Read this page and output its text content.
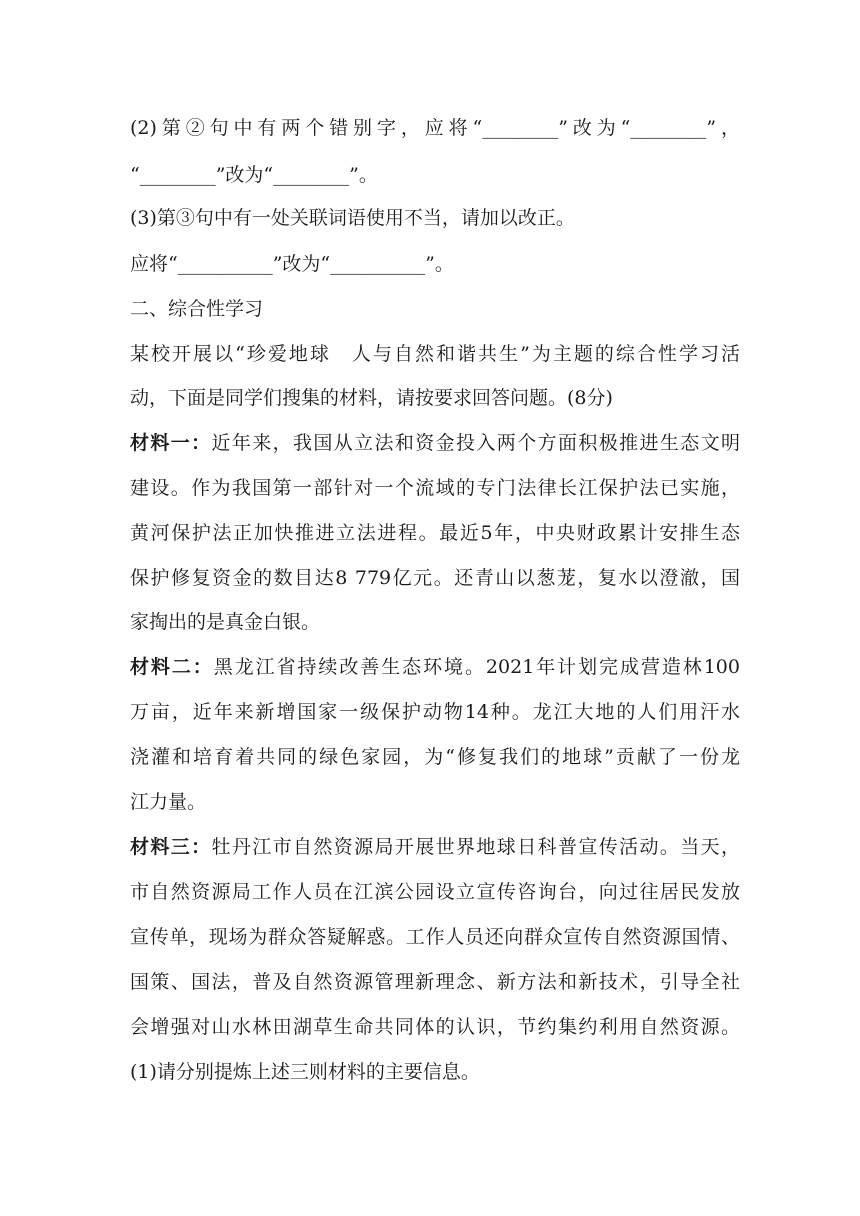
(2)第②句中有两个错别字，应将“________”改为“________”，
“________”改为“________”。
(3)第③句中有一处关联词语使用不当，请加以改正。
应将“__________”改为“__________”。
二、综合性学习
某校开展以“珍爱地球　人与自然和谐共生”为主题的综合性学习活
动，下面是同学们搜集的材料，请按要求回答问题。(8分)
材料一：近年来，我国从立法和资金投入两个方面积极推进生态文明
建设。作为我国第一部针对一个流域的专门法律长江保护法已实施，
黄河保护法正加快推进立法进程。最近5年，中央财政累计安排生态
保护修复资金的数目达8 779亿元。还青山以葱茏，复水以澄澈，国
家掏出的是真金白银。
材料二：黑龙江省持续改善生态环境。2021年计划完成营造林100
万亩，近年来新增国家一级保护动物14种。龙江大地的人们用汗水
浇灌和培育着共同的绿色家园，为“修复我们的地球”贡献了一份龙
江力量。
材料三：牡丹江市自然资源局开展世界地球日科普宣传活动。当天，
市自然资源局工作人员在江滨公园设立宣传咨询台，向过往居民发放
宣传单，现场为群众答疑解惑。工作人员还向群众宣传自然资源国情、
国策、国法，普及自然资源管理新理念、新方法和新技术，引导全社
会增强对山水林田湖草生命共同体的认识，节约集约利用自然资源。
(1)请分别提炼上述三则材料的主要信息。
